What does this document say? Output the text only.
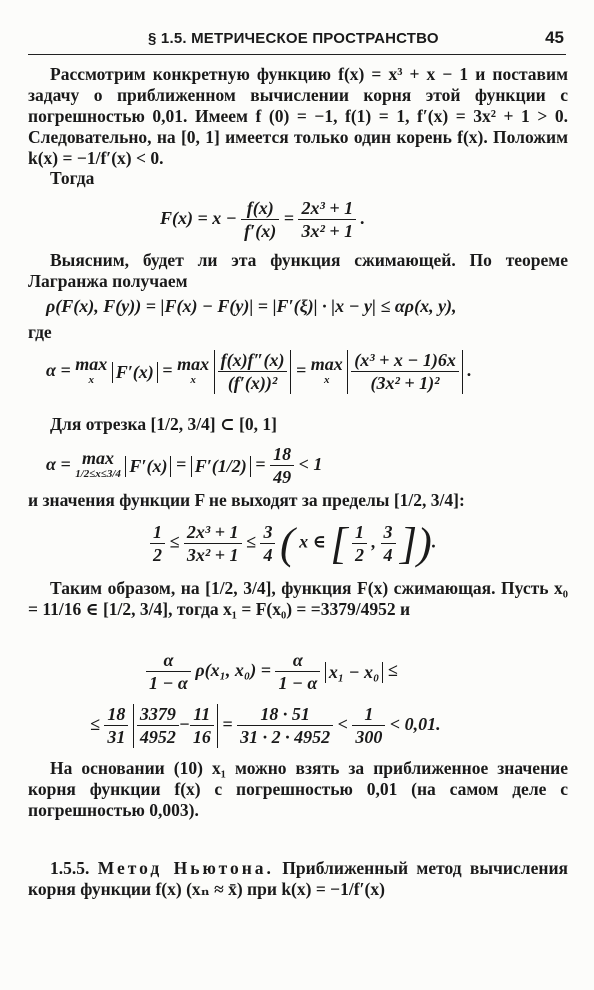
§ 1.5. МЕТРИЧЕСКОЕ ПРОСТРАНСТВО	45
Рассмотрим конкретную функцию f(x) = x³ + x − 1 и поставим задачу о приближенном вычислении корня этой функции с погрешностью 0,01. Имеем f (0) = −1, f(1) = 1, f′(x) = 3x² + 1 > 0. Следовательно, на [0, 1] имеется только один корень f(x). Положим k(x) = −1/f′(x) < 0.
Тогда
$F(x) = x - \frac{f(x)}{f'(x)} = \frac{\text{2x³ + 1}}{\text{3x² + 1}}$ .
Выясним, будет ли эта функция сжимающей. По теореме Лагранжа получаем
ρ(F(x), F(y)) = |F(x) − F(y)| = |F′(ξ)| · |x − y| ≤ αρ(x, y),
где
α = max
x	F′(x) = max
x
	$\frac{f(x)f''(x)}{\text{(f′(x))²}} = \max$
x
	$\frac{\text{(x³ + x − 1)6x}}{\text{(3x² + 1)²}}$ .
Для отрезка [1/2, 3/4] ⊂ [0, 1]
α = max
1/2≤x≤3/4 $F'(x) = F'(1/2) = \frac{18}{49} < 1$
и значения функции F не выходят за пределы [1/2, 3/4]:
$\frac{1}{2} \le \frac{\text{2x³ + 1}}{\text{3x² + 1}} \le \frac{3}{4}$ ( x ∈ [ $\frac{1}{2}$ , $\frac{3}{4}$ ]).
Таким образом, на [1/2, 3/4], функция F(x) сжимающая. Пусть x₀ = 11/16 ∈ [1/2, 3/4], тогда x₁ = F(x₀) = =3379/4952 и
$\frac{\alpha}{1 - \alpha} \rho(x_1$, $x_0) = \frac{\alpha}{1 - \alpha} x_1 - x_0$ ≤
≤ $\frac{18}{31}$
$\frac{3379}{4952} - \frac{11}{16} = \frac{18 \cdot 51}{31 \cdot 2 \cdot 4952} < \frac{1}{300} < 0,01$.
На основании (10) x₁ можно взять за приближенное значение корня функции f(x) с погрешностью 0,01 (на самом деле с погрешностью 0,003).
1.5.5. Метод Ньютона. Приближенный метод вычисления корня функции f(x) (xₙ ≈ x̄) при k(x) = −1/f′(x)
